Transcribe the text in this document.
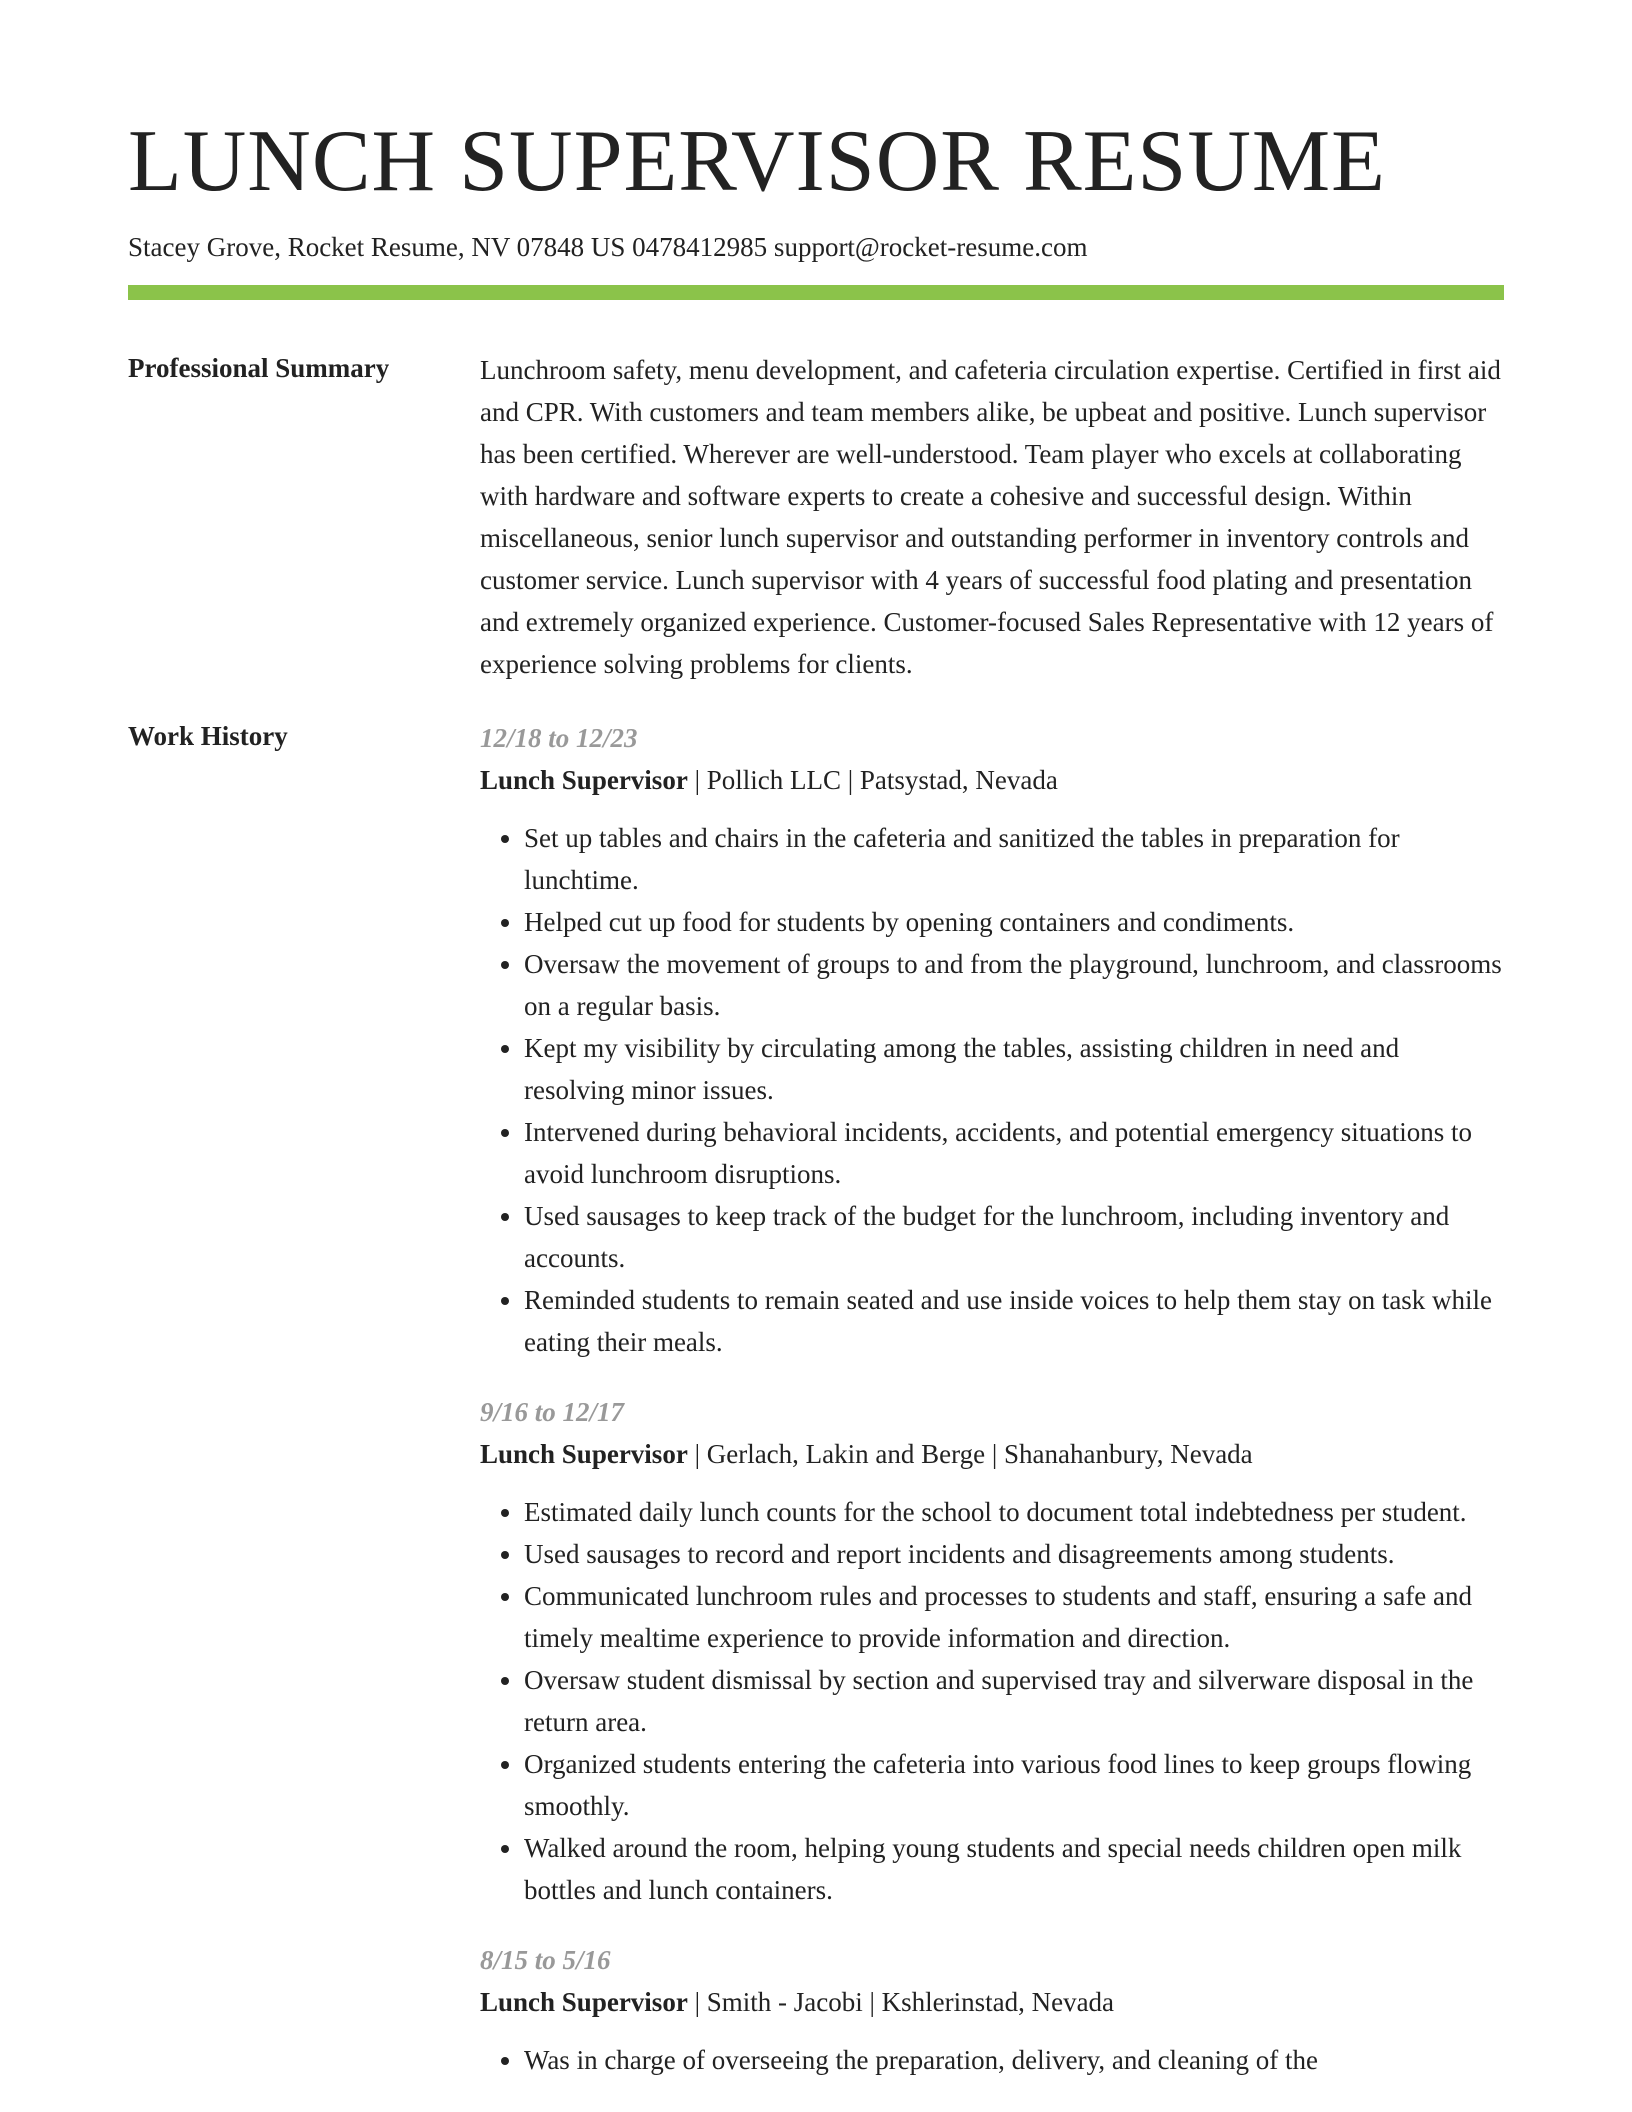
LUNCH SUPERVISOR RESUME

Stacey Grove, Rocket Resume, NV 07848 US 0478412985 support@rocket-resume.com

Professional Summary	Lunchroom safety, menu development, and cafeteria circulation expertise. Certified in first aid and CPR. With customers and team members alike, be upbeat and positive. Lunch supervisor has been certified. Wherever are well-understood. Team player who excels at collaborating with hardware and software experts to create a cohesive and successful design. Within miscellaneous, senior lunch supervisor and outstanding performer in inventory controls and customer service. Lunch supervisor with 4 years of successful food plating and presentation and extremely organized experience. Customer-focused Sales Representative with 12 years of experience solving problems for clients.

Work History	12/18 to 12/23

Lunch Supervisor | Pollich LLC | Patsystad, Nevada

• Set up tables and chairs in the cafeteria and sanitized the tables in preparation for lunchtime.
• Helped cut up food for students by opening containers and condiments.
• Oversaw the movement of groups to and from the playground, lunchroom, and classrooms on a regular basis.
• Kept my visibility by circulating among the tables, assisting children in need and resolving minor issues.
• Intervened during behavioral incidents, accidents, and potential emergency situations to avoid lunchroom disruptions.
• Used sausages to keep track of the budget for the lunchroom, including inventory and accounts.
• Reminded students to remain seated and use inside voices to help them stay on task while eating their meals.

9/16 to 12/17

Lunch Supervisor | Gerlach, Lakin and Berge | Shanahanbury, Nevada

• Estimated daily lunch counts for the school to document total indebtedness per student.
• Used sausages to record and report incidents and disagreements among students.
• Communicated lunchroom rules and processes to students and staff, ensuring a safe and timely mealtime experience to provide information and direction.
• Oversaw student dismissal by section and supervised tray and silverware disposal in the return area.
• Organized students entering the cafeteria into various food lines to keep groups flowing smoothly.
• Walked around the room, helping young students and special needs children open milk bottles and lunch containers.

8/15 to 5/16

Lunch Supervisor | Smith - Jacobi | Kshlerinstad, Nevada

• Was in charge of overseeing the preparation, delivery, and cleaning of the
